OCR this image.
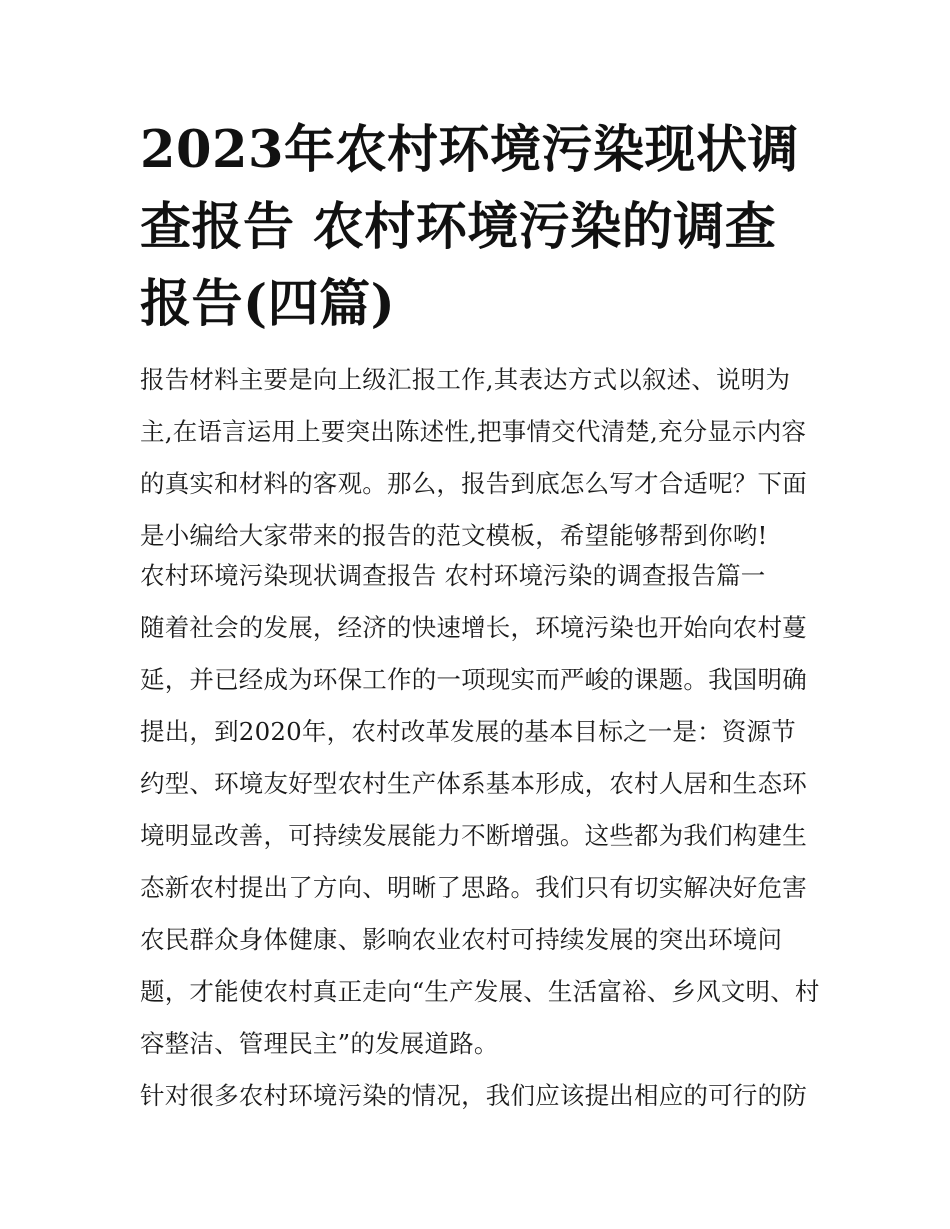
2023年农村环境污染现状调查报告 农村环境污染的调查报告(四篇)

报告材料主要是向上级汇报工作,其表达方式以叙述、说明为主,在语言运用上要突出陈述性,把事情交代清楚,充分显示内容的真实和材料的客观。那么，报告到底怎么写才合适呢？下面是小编给大家带来的报告的范文模板，希望能够帮到你哟!

农村环境污染现状调查报告 农村环境污染的调查报告篇一

随着社会的发展，经济的快速增长，环境污染也开始向农村蔓延，并已经成为环保工作的一项现实而严峻的课题。我国明确提出，到2020年，农村改革发展的基本目标之一是：资源节约型、环境友好型农村生产体系基本形成，农村人居和生态环境明显改善，可持续发展能力不断增强。这些都为我们构建生态新农村提出了方向、明晰了思路。我们只有切实解决好危害农民群众身体健康、影响农业农村可持续发展的突出环境问题，才能使农村真正走向“生产发展、生活富裕、乡风文明、村容整洁、管理民主”的发展道路。

针对很多农村环境污染的情况，我们应该提出相应的可行的防
